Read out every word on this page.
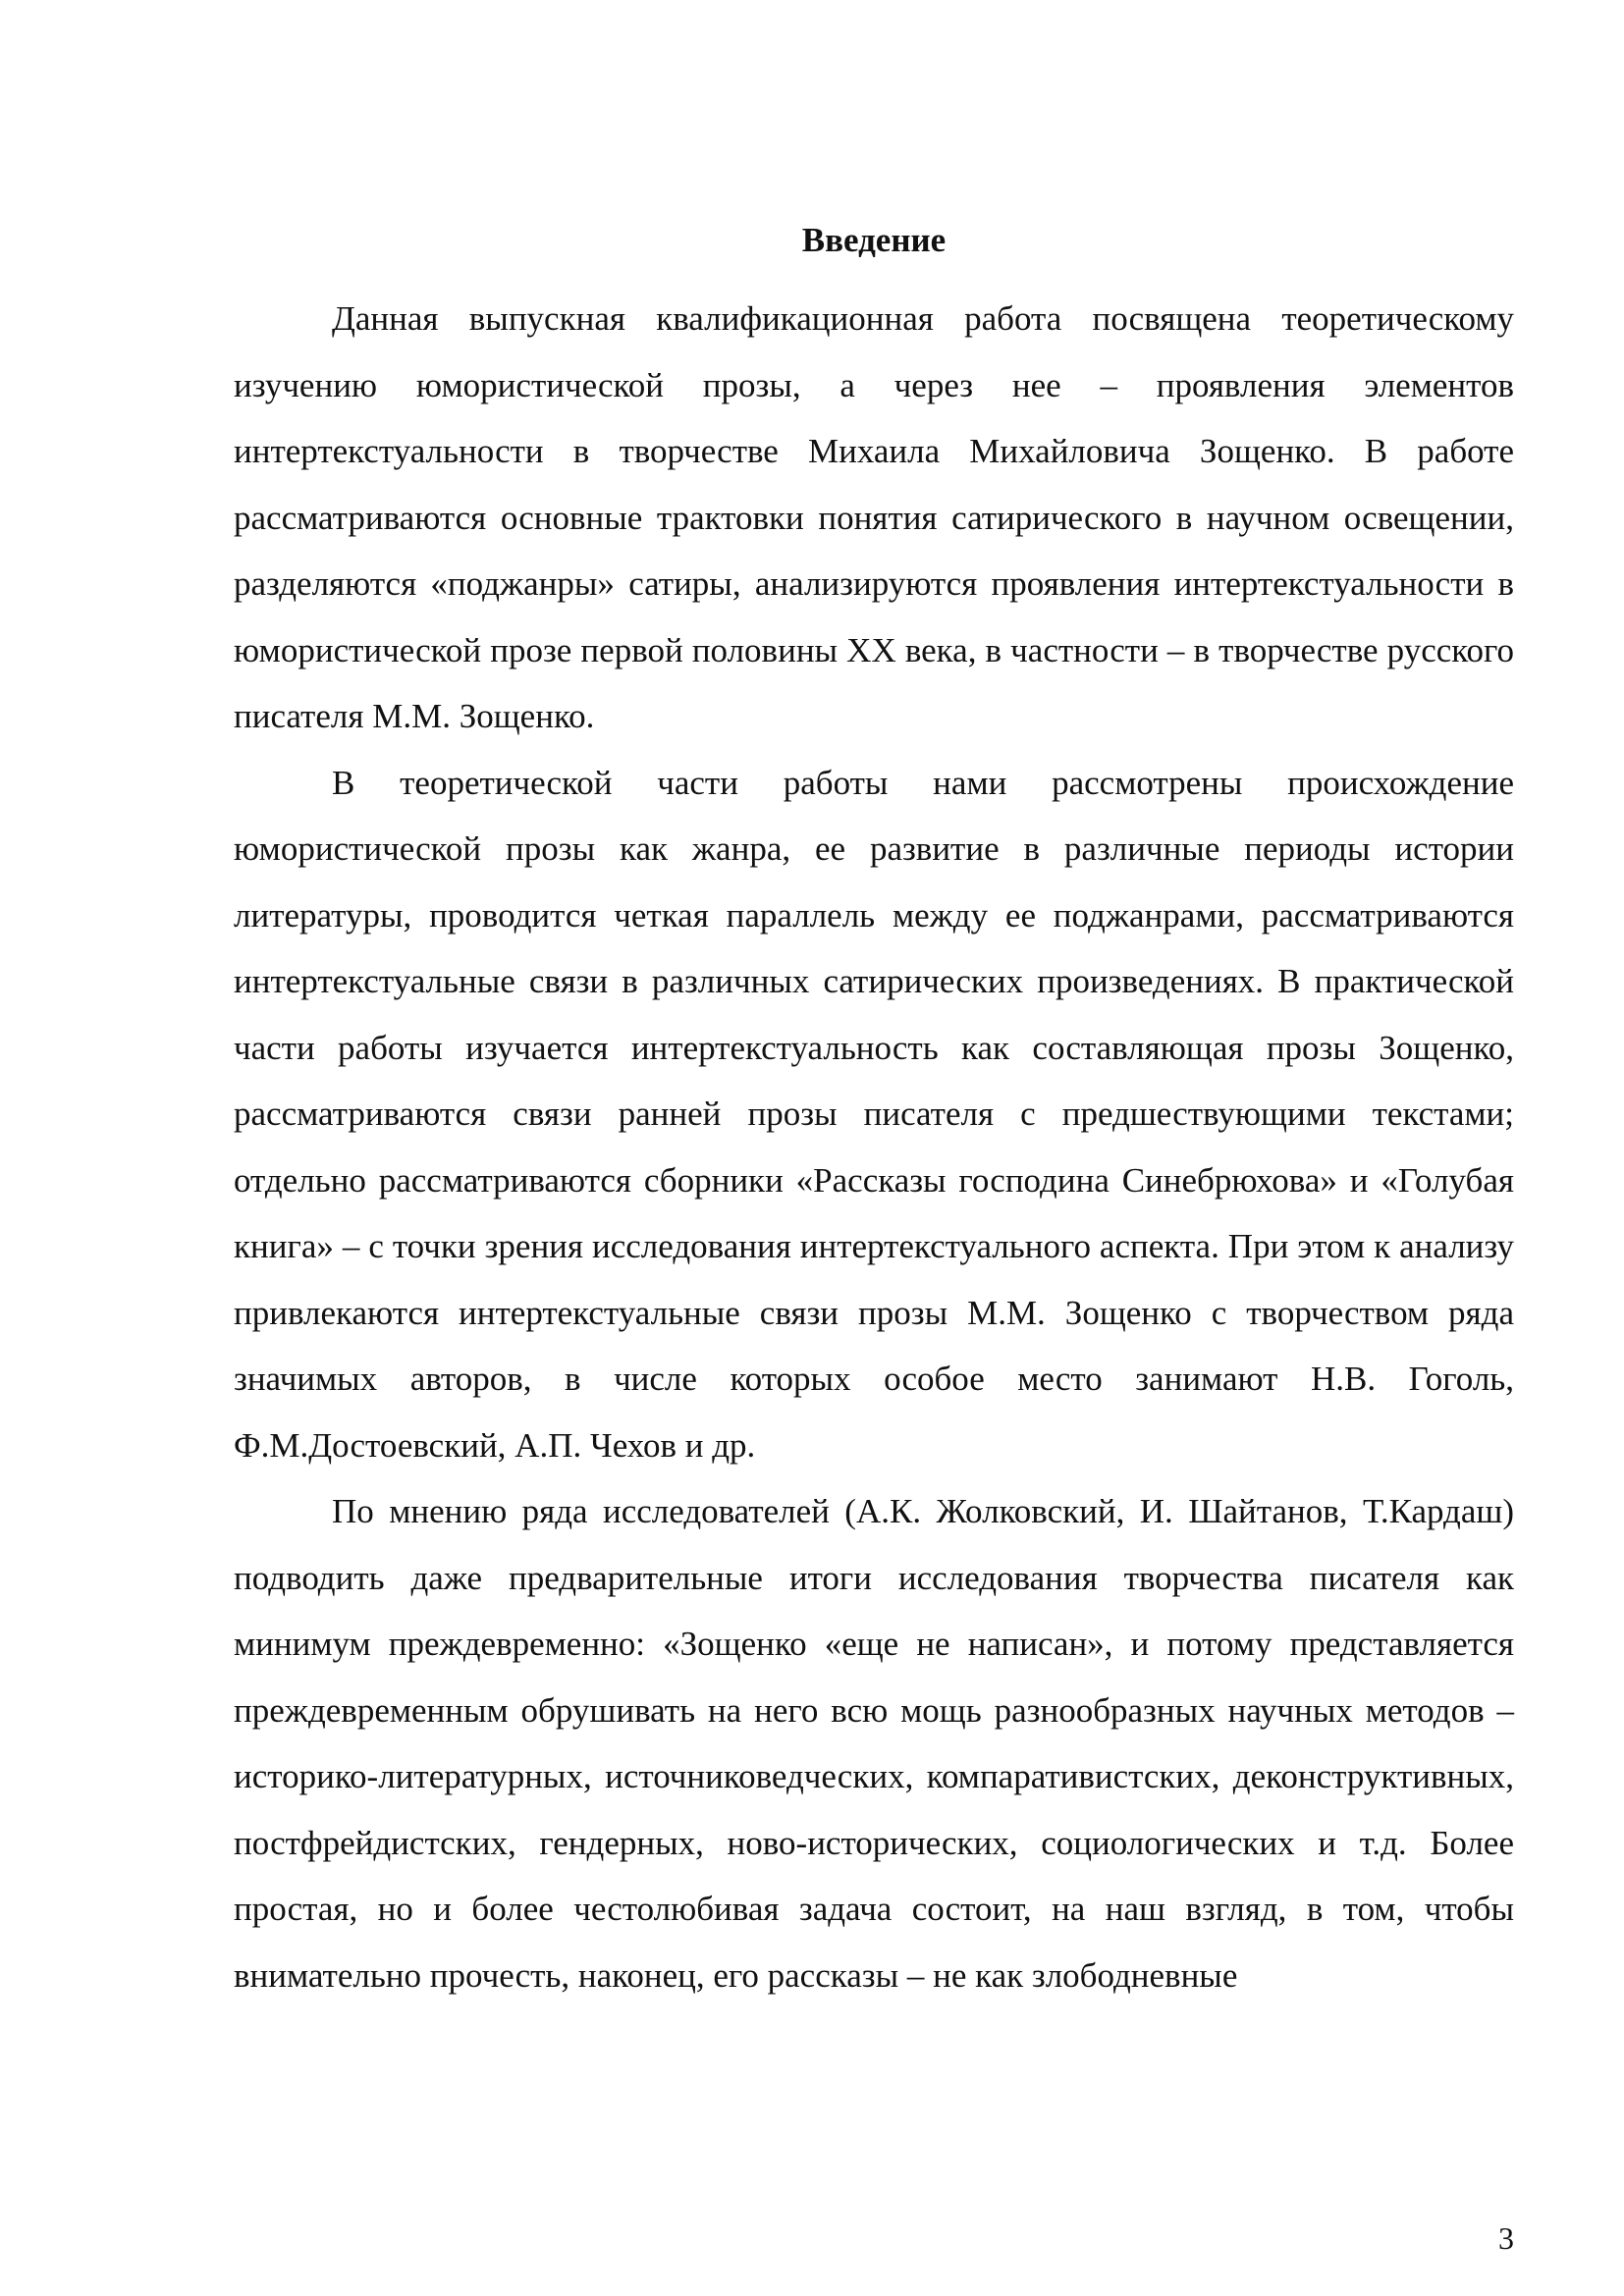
Введение

Данная выпускная квалификационная работа посвящена теоретическому изучению юмористической прозы, а через нее – проявления элементов интертекстуальности в творчестве Михаила Михайловича Зощенко. В работе рассматриваются основные трактовки понятия сатирического в научном освещении, разделяются «поджанры» сатиры, анализируются проявления интертекстуальности в юмористической прозе первой половины XX века, в частности – в творчестве русского писателя М.М. Зощенко.

В теоретической части работы нами рассмотрены происхождение юмористической прозы как жанра, ее развитие в различные периоды истории литературы, проводится четкая параллель между ее поджанрами, рассматриваются интертекстуальные связи в различных сатирических произведениях. В практической части работы изучается интертекстуальность как составляющая прозы Зощенко, рассматриваются связи ранней прозы писателя с предшествующими текстами; отдельно рассматриваются сборники «Рассказы господина Синебрюхова» и «Голубая книга» – с точки зрения исследования интертекстуального аспекта. При этом к анализу привлекаются интертекстуальные связи прозы М.М. Зощенко с творчеством ряда значимых авторов, в числе которых особое место занимают Н.В. Гоголь, Ф.М.Достоевский, А.П. Чехов и др.

По мнению ряда исследователей (А.К. Жолковский, И. Шайтанов, Т.Кардаш) подводить даже предварительные итоги исследования творчества писателя как минимум преждевременно: «Зощенко «еще не написан», и потому представляется преждевременным обрушивать на него всю мощь разнообразных научных методов – историко-литературных, источниковедческих, компаративистских, деконструктивных, постфрейдистских, гендерных, ново-исторических, социологических и т.д. Более простая, но и более честолюбивая задача состоит, на наш взгляд, в том, чтобы внимательно прочесть, наконец, его рассказы – не как злободневные

3
